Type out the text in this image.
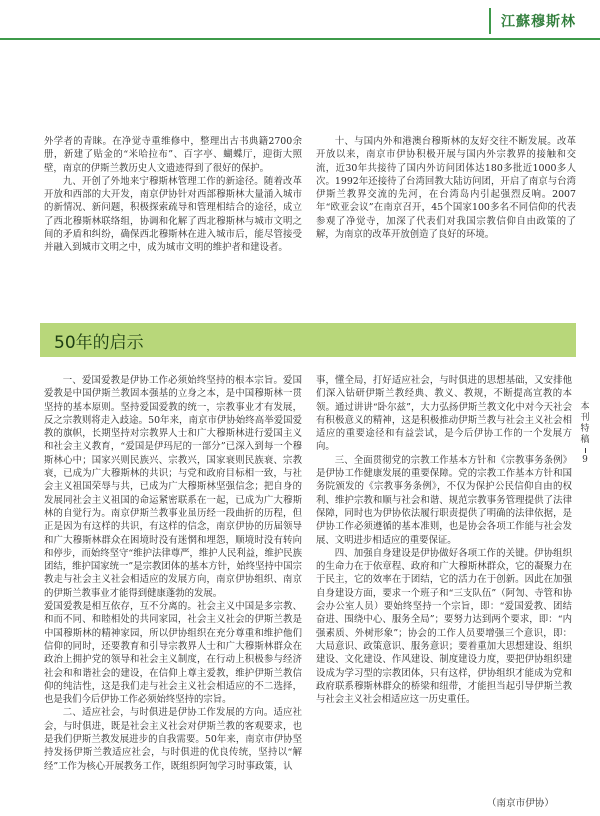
江蘇穆斯林
本
刊
特
稿
9

外学者的青睐。在净觉寺重维修中，整理出古书典籍2700余册，新建了贴金的“米哈拉布”、百字亭、蝴蝶厅，迎街大照壁，南京的伊斯兰教历史人文遗迹得到了很好的保护。

九、开创了外地来宁穆斯林管理工作的新途径。随着改革开放和西部的大开发，南京伊协针对西部穆斯林大量涌入城市的新情况、新问题，积极探索疏导和管理相结合的途径，成立了西北穆斯林联络组，协调和化解了西北穆斯林与城市文明之间的矛盾和纠纷，确保西北穆斯林在进入城市后，能尽管接受并融入到城市文明之中，成为城市文明的维护者和建设者。

十、与国内外和港澳台穆斯林的友好交往不断发展。改革开放以来，南京市伊协积极开展与国内外宗教界的接触和交流，近30年共接待了国内外访问团体达180多批近1000多人次。1992年还接待了台湾回教大陆访问团，开启了南京与台湾伊斯兰教界交流的先河，在台湾岛内引起强烈反响。2007年“欧亚会议”在南京召开，45个国家100多名不同信仰的代表参观了净觉寺，加深了代表们对我国宗教信仰自由政策的了解，为南京的改革开放创造了良好的环境。

50年的启示

一、爱国爱教是伊协工作必须始终坚持的根本宗旨。爱国爱教是中国伊斯兰教固本强基的立身之本，是中国穆斯林一贯坚持的基本原则。坚持爱国爱教的统一，宗教事业才有发展，反之宗教则将走入歧途。50年来，南京市伊协始终高举爱国爱教的旗帜，长期坚持对宗教界人士和广大穆斯林进行爱国主义和社会主义教育，“爱国是伊玛尼的一部分”已深入到每一个穆斯林心中；国家兴则民族兴、宗教兴，国家衰则民族衰、宗教衰，已成为广大穆斯林的共识；与党和政府目标相一致，与社会主义祖国荣辱与共，已成为广大穆斯林坚强信念；把自身的发展同社会主义祖国的命运紧密联系在一起，已成为广大穆斯林的自觉行为。南京伊斯兰教事业虽历经一段曲折的历程，但正是因为有这样的共识，有这样的信念，南京伊协的历届领导和广大穆斯林群众在困境时没有迷惘和埋怨，顺境时没有转向和停步，而始终坚守“维护法律尊严，维护人民利益，维护民族团结，维护国家统一”是宗教团体的基本方针，始终坚持中国宗教走与社会主义社会相适应的发展方向，南京伊协组织、南京的伊斯兰教事业才能得到健康蓬勃的发展。

爱国爱教是相互依存，互不分离的。社会主义中国是多宗教、和而不同、和睦相处的共同家园，社会主义社会的伊斯兰教是中国穆斯林的精神家园，所以伊协组织在充分尊重和维护他们信仰的同时，还要教育和引导宗教界人士和广大穆斯林群众在政治上拥护党的领导和社会主义制度，在行动上积极参与经济社会和和谐社会的建设，在信仰上尊主爱教，维护伊斯兰教信仰的纯洁性，这是我们走与社会主义社会相适应的不二选择，也是我们今后伊协工作必须始终坚持的宗旨。

二、适应社会，与时俱进是伊协工作发展的方向。适应社会，与时俱进，既是社会主义社会对伊斯兰教的客观要求，也是我们伊斯兰教发展进步的自我需要。50年来，南京市伊协坚持发扬伊斯兰教适应社会，与时俱进的优良传统，坚持以“解经”工作为核心开展教务工作，既组织阿訇学习时事政策，认

事，懂全局，打好适应社会，与时俱进的思想基础，又安排他们深入钻研伊斯兰教经典、教义、教规，不断提高宣教的本领。通过讲讲“卧尔兹”，大力弘扬伊斯兰教文化中对今天社会有积极意义的精神，这是积极推动伊斯兰教与社会主义社会相适应的重要途径和有益尝试，是今后伊协工作的一个发展方向。

三、全面贯彻党的宗教工作基本方针和《宗教事务条例》是伊协工作健康发展的重要保障。党的宗教工作基本方针和国务院颁发的《宗教事务条例》，不仅为保护公民信仰自由的权利、维护宗教和顺与社会和谐、规范宗教事务管理提供了法律保障，同时也为伊协依法履行职责提供了明确的法律依据，是伊协工作必须遵循的基本准则，也是协会各项工作能与社会发展、文明进步相适应的重要保证。

四、加强自身建设是伊协做好各项工作的关键。伊协组织的生命力在于依章程、政府和广大穆斯林群众，它的凝聚力在于民主，它的效率在于团结，它的活力在于创新。因此在加强自身建设方面，要求一个班子和“三支队伍”（阿訇、寺管和协会办公室人员）要始终坚持一个宗旨，即：“爱国爱教、团结奋进、围绕中心、服务全局”；要努力达到两个要求，即：“内强素质、外树形象”；协会的工作人员要增强三个意识，即：大局意识、政策意识、服务意识；要着重加大思想建设、组织建设、文化建设、作风建设、制度建设力度，要把伊协组织建设成为学习型的宗教团体，只有这样，伊协组织才能成为党和政府联系穆斯林群众的桥梁和纽带，才能担当起引导伊斯兰教与社会主义社会相适应这一历史重任。

（南京市伊协）
